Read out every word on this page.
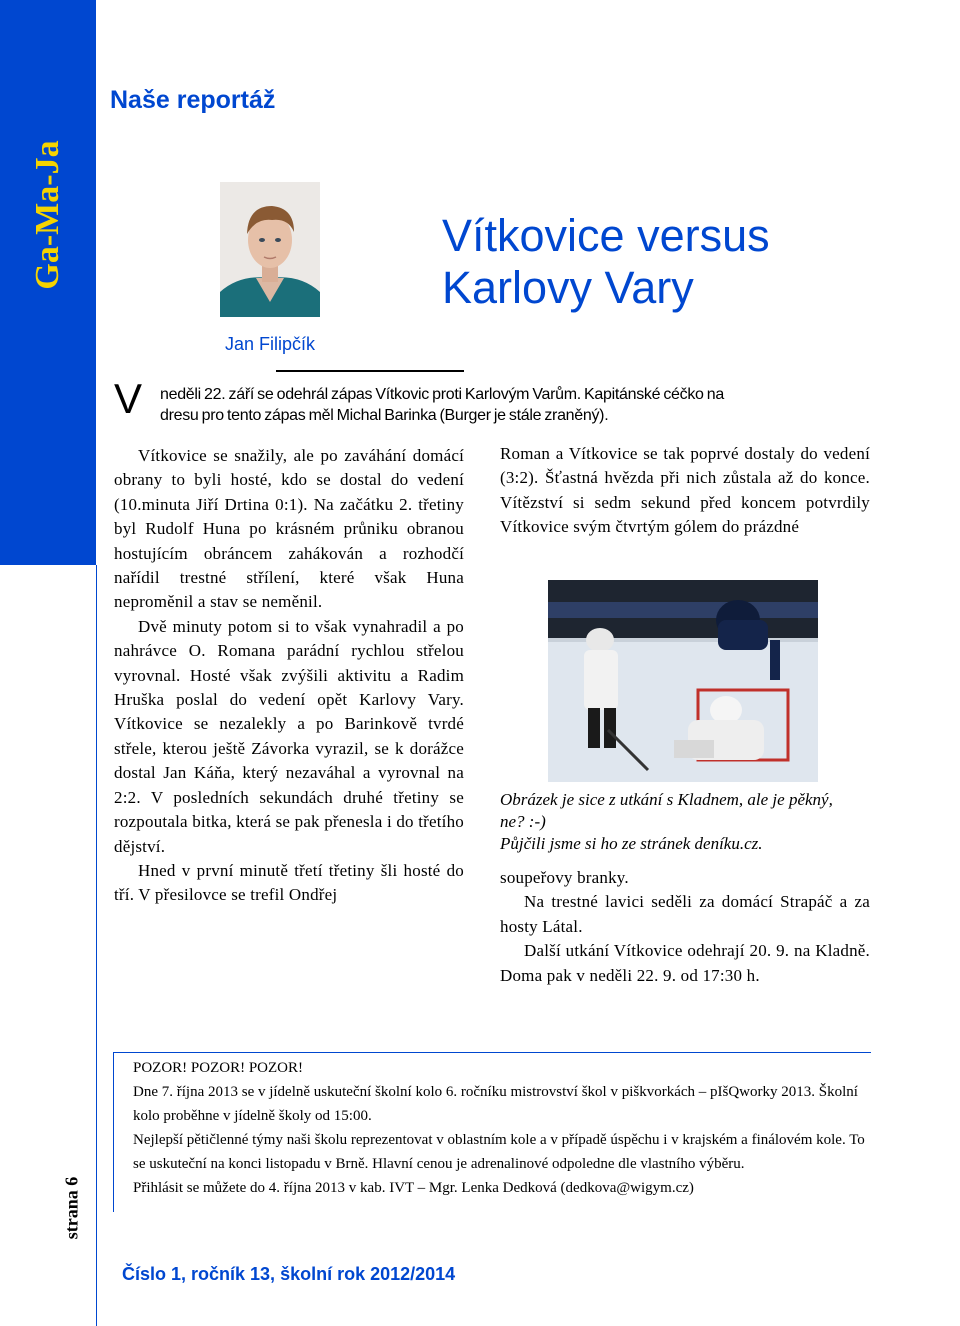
Ga-Ma-Ja
Naše reportáž
Jan Filipčík
Vítkovice versus
Karlovy Vary
V neděli 22. září se odehrál zápas Vítkovic proti Karlovým Varům. Kapitánské céčko na
dresu pro tento zápas měl Michal Barinka (Burger je stále zraněný).

Vítkovice se snažily, ale po zaváhání domácí obrany to byli hosté, kdo se dostal do vedení (10.minuta Jiří Drtina 0:1). Na začátku 2. třetiny byl Rudolf Huna po krásném průniku obranou hostujícím obráncem zahákován a rozhodčí nařídil trestné střílení, které však Huna neproměnil a stav se neměnil.

Dvě minuty potom si to však vynahradil a po nahrávce O. Romana parádní rychlou střelou vyrovnal. Hosté však zvýšili aktivitu a Radim Hruška poslal do vedení opět Karlovy Vary. Vítkovice se nezalekly a po Barinkově tvrdé střele, kterou ještě Závorka vyrazil, se k dorážce dostal Jan Káňa, který nezaváhal a vyrovnal na 2:2. V posledních sekundách druhé třetiny se rozpoutala bitka, která se pak přenesla i do třetího dějství.

Hned v první minutě třetí třetiny šli hosté do tří. V přesilovce se trefil Ondřej

Roman a Vítkovice se tak poprvé dostaly do vedení (3:2). Šťastná hvězda při nich zůstala až do konce. Vítězství si sedm sekund před koncem potvrdily Vítkovice svým čtvrtým gólem do prázdné

Obrázek je sice z utkání s Kladnem, ale je pěkný, ne? :-)

Půjčili jsme si ho ze stránek deníku.cz.

soupeřovy branky.

Na trestné lavici seděli za domácí Strapáč a za hosty Látal.

Další utkání Vítkovice odehrají 20. 9. na Kladně. Doma pak v neděli 22. 9. od 17:30 h.

POZOR! POZOR! POZOR!

Dne 7. října 2013 se v jídelně uskuteční školní kolo 6. ročníku mistrovství škol v piškvorkách – pIšQworky 2013. Školní kolo proběhne v jídelně školy od 15:00.

Nejlepší pětičlenné týmy naši školu reprezentovat v oblastním kole a v případě úspěchu i v krajském a finálovém kole. To se uskuteční na konci listopadu v Brně. Hlavní cenou je adrenalinové odpoledne dle vlastního výběru.

Přihlásit se můžete do 4. října 2013 v kab. IVT – Mgr. Lenka Dedková (dedkova@wigym.cz)

strana 6
Číslo 1, ročník 13, školní rok 2012/2014
